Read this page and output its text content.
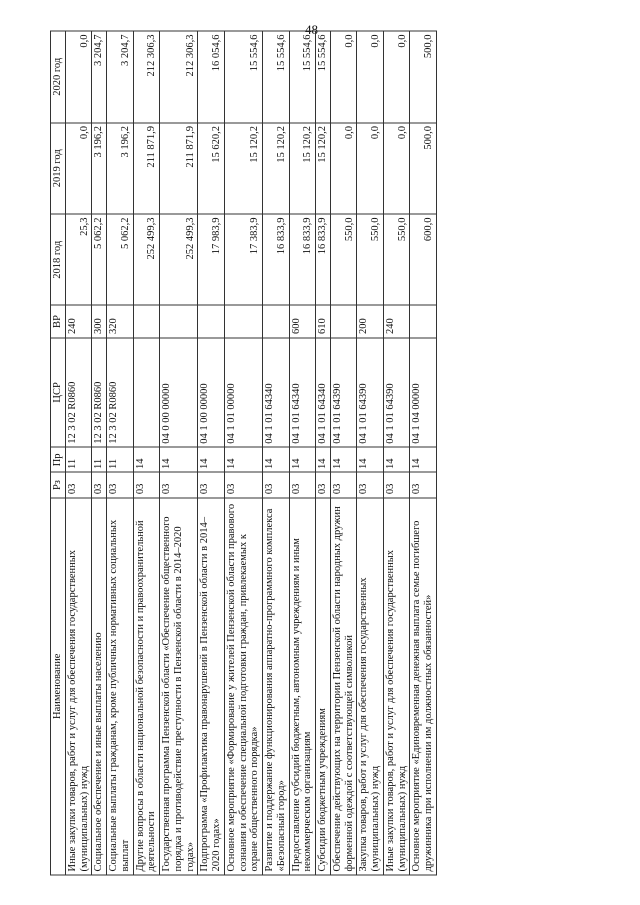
48
Наименование	Рз	Пр	ЦСР	ВР	2018 год	2019 год	2020 год
Иные закупки товаров, работ и услуг для обеспечения государственных (муниципальных) нужд	03	11	12 3 02 R0860	240	25,3	0,0	0,0
Социальное обеспечение и иные выплаты населению	03	11	12 3 02 R0860	300	5 062,2	3 196,2	3 204,7
Социальные выплаты гражданам, кроме публичных нормативных социальных выплат	03	11	12 3 02 R0860	320	5 062,2	3 196,2	3 204,7
Другие вопросы в области национальной безопасности и правоохранительной деятельности	03	14			252 499,3	211 871,9	212 306,3
Государственная программа Пензенской области «Обеспечение общественного порядка и противодействие преступности в Пензенской области в 2014–2020 годах»	03	14	04 0 00 00000		252 499,3	211 871,9	212 306,3
Подпрограмма «Профилактика правонарушений в Пензенской области в 2014–2020 годах»	03	14	04 1 00 00000		17 983,9	15 620,2	16 054,6
Основное мероприятие «Формирование у жителей Пензенской области правового сознания и обеспечение специальной подготовки граждан, привлекаемых к охране общественного порядка»	03	14	04 1 01 00000		17 383,9	15 120,2	15 554,6
Развитие и поддержание функционирования аппаратно-программного комплекса «Безопасный город»	03	14	04 1 01 64340		16 833,9	15 120,2	15 554,6
Предоставление субсидий бюджетным, автономным учреждениям и иным некоммерческим организациям	03	14	04 1 01 64340	600	16 833,9	15 120,2	15 554,6
Субсидии бюджетным учреждениям	03	14	04 1 01 64340	610	16 833,9	15 120,2	15 554,6
Обеспечение действующих на территории Пензенской области народных дружин форменной одеждой с соответствующей символикой	03	14	04 1 01 64390		550,0	0,0	0,0
Закупка товаров, работ и услуг для обеспечения государственных (муниципальных) нужд	03	14	04 1 01 64390	200	550,0	0,0	0,0
Иные закупки товаров, работ и услуг для обеспечения государственных (муниципальных) нужд	03	14	04 1 01 64390	240	550,0	0,0	0,0
Основное мероприятие «Единовременная денежная выплата семье погибшего дружинника при исполнении им должностных обязанностей»	03	14	04 1 04 00000		600,0	500,0	500,0
